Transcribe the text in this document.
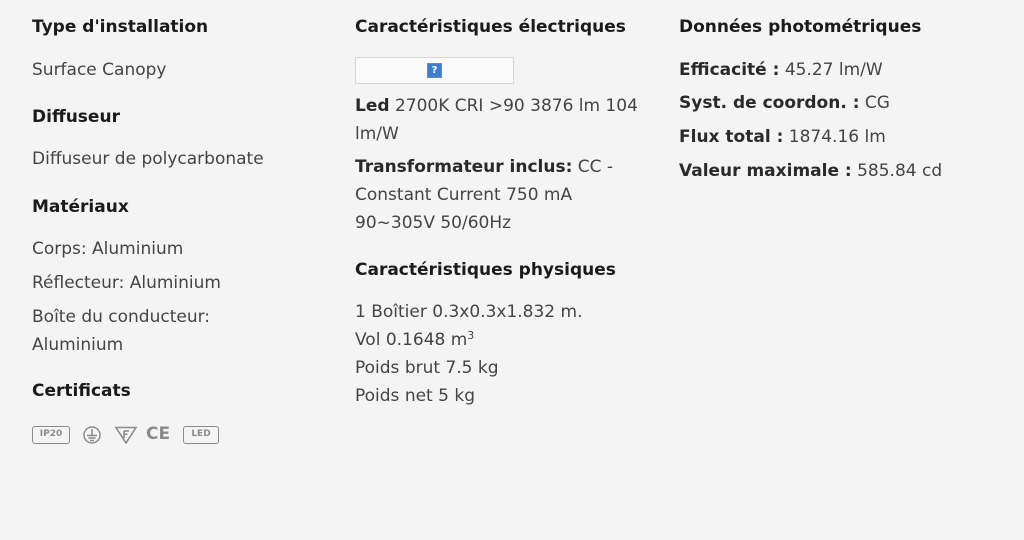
Type d'installation

Surface Canopy

Diffuseur

Diffuseur de polycarbonate

Matériaux

Corps: Aluminium

Réflecteur: Aluminium

Boîte du conducteur: Aluminium

Certificats
IP20	CE	LED
Caractéristiques électriques
?

Led 2700K CRI >90 3876 lm 104 lm/W

Transformateur inclus: CC - Constant Current 750 mA 90~305V 50/60Hz

Caractéristiques physiques

1 Boîtier 0.3x0.3x1.832 m.

Vol 0.1648 $m^3$

Poids brut 7.5 kg

Poids net 5 kg

Données photométriques

Efficacité : 45.27 lm/W

Syst. de coordon. : CG

Flux total : 1874.16 lm

Valeur maximale : 585.84 cd
